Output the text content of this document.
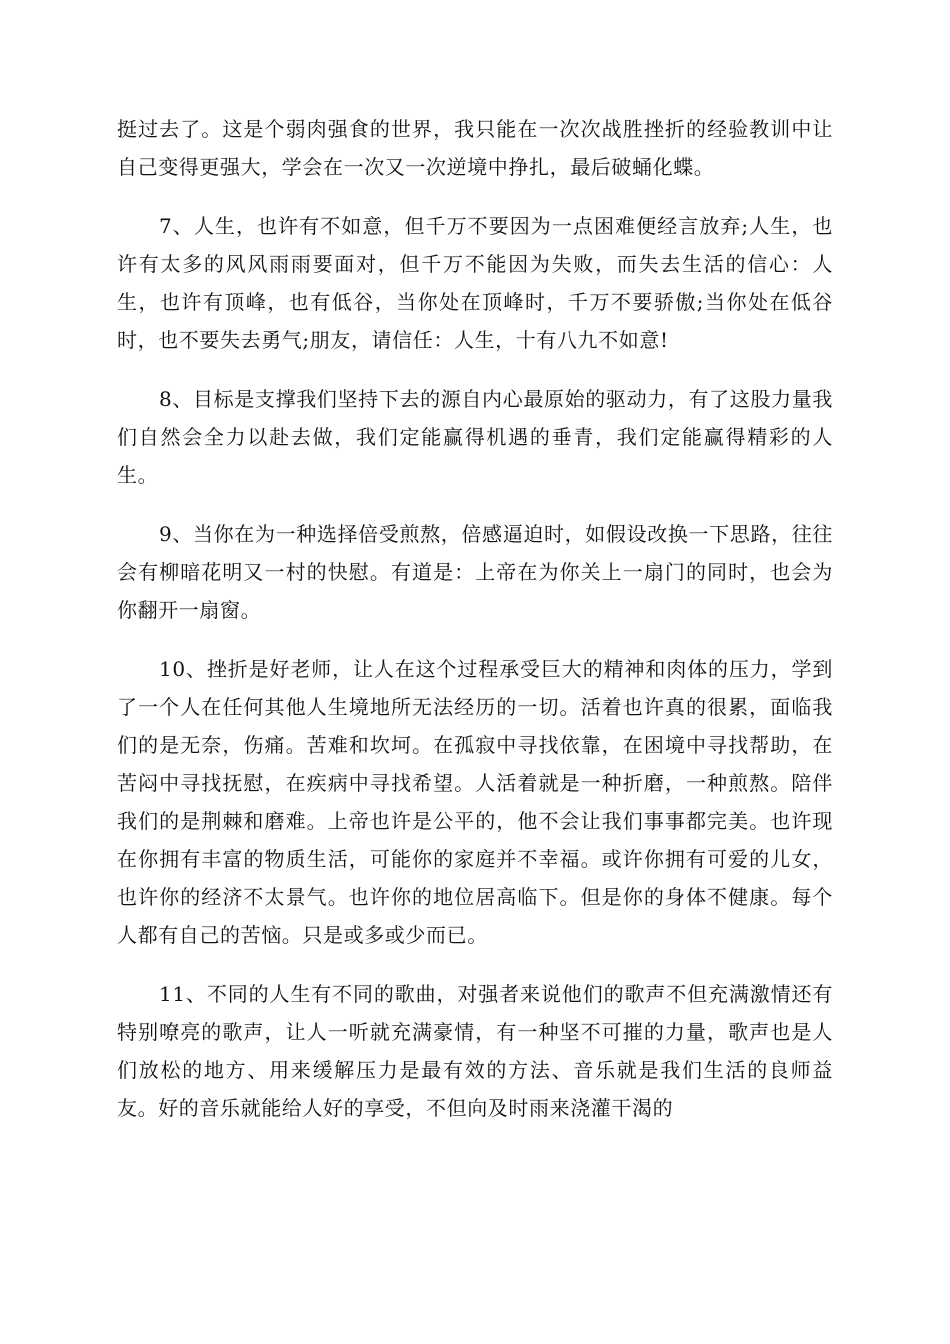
挺过去了。这是个弱肉强食的世界，我只能在一次次战胜挫折的经验教训中让自己变得更强大，学会在一次又一次逆境中挣扎，最后破蛹化蝶。

7、人生，也许有不如意，但千万不要因为一点困难便经言放弃;人生，也许有太多的风风雨雨要面对，但千万不能因为失败，而失去生活的信心：人生，也许有顶峰，也有低谷，当你处在顶峰时，千万不要骄傲;当你处在低谷时，也不要失去勇气;朋友，请信任：人生，十有八九不如意!

8、目标是支撑我们坚持下去的源自内心最原始的驱动力，有了这股力量我们自然会全力以赴去做，我们定能赢得机遇的垂青，我们定能赢得精彩的人生。

9、当你在为一种选择倍受煎熬，倍感逼迫时，如假设改换一下思路，往往会有柳暗花明又一村的快慰。有道是：上帝在为你关上一扇门的同时，也会为你翻开一扇窗。

10、挫折是好老师，让人在这个过程承受巨大的精神和肉体的压力，学到了一个人在任何其他人生境地所无法经历的一切。活着也许真的很累，面临我们的是无奈，伤痛。苦难和坎坷。在孤寂中寻找依靠，在困境中寻找帮助，在苦闷中寻找抚慰，在疾病中寻找希望。人活着就是一种折磨，一种煎熬。陪伴我们的是荆棘和磨难。上帝也许是公平的，他不会让我们事事都完美。也许现在你拥有丰富的物质生活，可能你的家庭并不幸福。或许你拥有可爱的儿女，也许你的经济不太景气。也许你的地位居高临下。但是你的身体不健康。每个人都有自己的苦恼。只是或多或少而已。

11、不同的人生有不同的歌曲，对强者来说他们的歌声不但充满激情还有特别嘹亮的歌声，让人一听就充满豪情，有一种坚不可摧的力量，歌声也是人们放松的地方、用来缓解压力是最有效的方法、音乐就是我们生活的良师益友。好的音乐就能给人好的享受，不但向及时雨来浇灌干渴的
